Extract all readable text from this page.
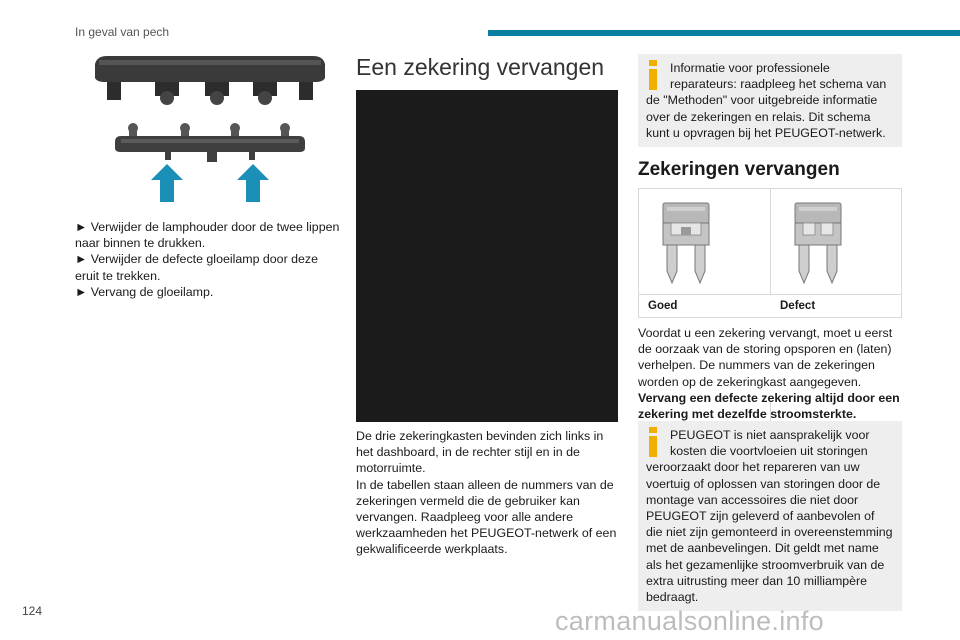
In geval van pech

► Verwijder de lamphouder door de twee lippen naar binnen te drukken.

► Verwijder de defecte gloeilamp door deze eruit te trekken.

► Vervang de gloeilamp.

Een zekering vervangen

De drie zekeringkasten bevinden zich links in het dashboard, in de rechter stijl en in de motorruimte.

In de tabellen staan alleen de nummers van de zekeringen vermeld die de gebruiker kan vervangen. Raadpleeg voor alle andere werkzaamheden het PEUGEOT-netwerk of een gekwalificeerde werkplaats.

Informatie voor professionele reparateurs: raadpleeg het schema van de "Methoden" voor uitgebreide informatie over de zekeringen en relais. Dit schema kunt u opvragen bij het PEUGEOT-netwerk.
Zekeringen vervangen
Goed	Defect

Voordat u een zekering vervangt, moet u eerst de oorzaak van de storing opsporen en (laten) verhelpen. De nummers van de zekeringen worden op de zekeringkast aangegeven.

Vervang een defecte zekering altijd door een zekering met dezelfde stroomsterkte.

PEUGEOT is niet aansprakelijk voor kosten die voortvloeien uit storingen veroorzaakt door het repareren van uw voertuig of oplossen van storingen door de montage van accessoires die niet door PEUGEOT zijn geleverd of aanbevolen of die niet zijn gemonteerd in overeenstemming met de aanbevelingen. Dit geldt met name als het gezamenlijke stroomverbruik van de extra uitrusting meer dan 10 milliampère bedraagt.
124	carmanualsonline.info
